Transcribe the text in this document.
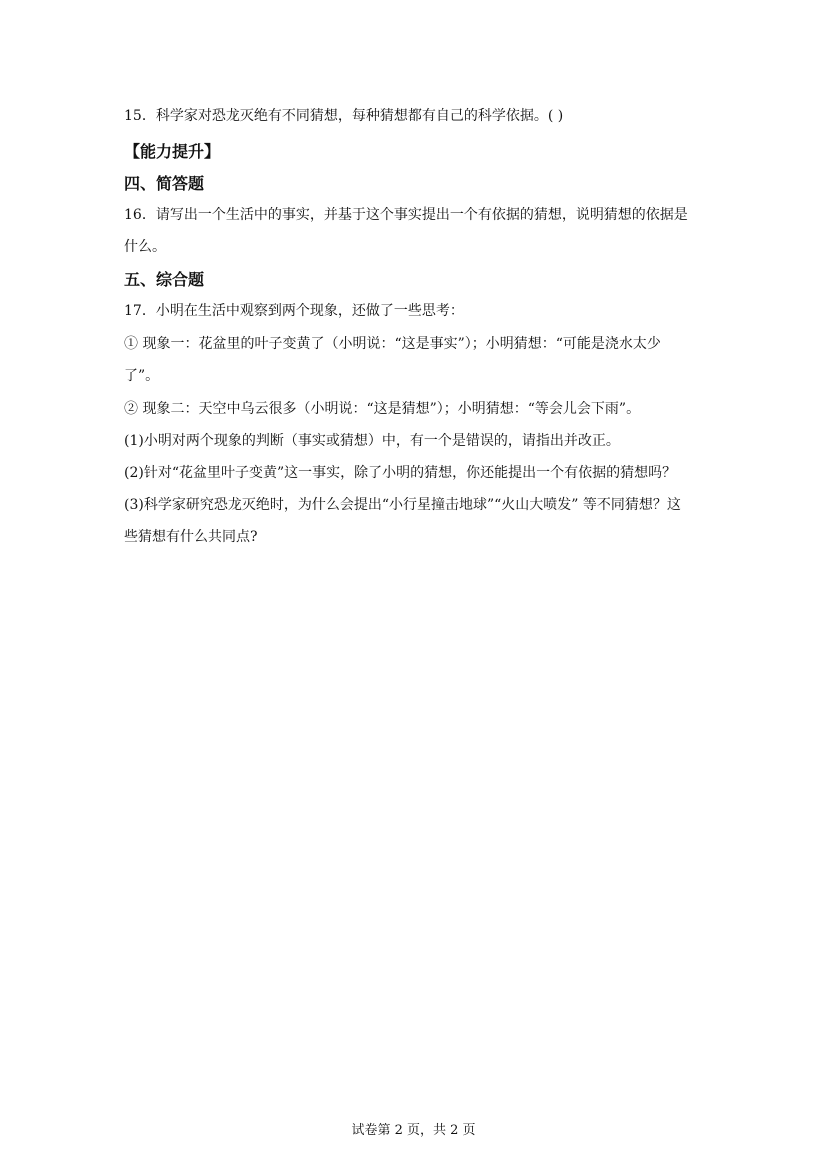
15．科学家对恐龙灭绝有不同猜想，每种猜想都有自己的科学依据。( )
【能力提升】
四、简答题
16．请写出一个生活中的事实，并基于这个事实提出一个有依据的猜想，说明猜想的依据是
什么。
五、综合题
17．小明在生活中观察到两个现象，还做了一些思考：
① 现象一：花盆里的叶子变黄了（小明说：“这是事实”）；小明猜想：“可能是浇水太少
了”。
② 现象二：天空中乌云很多（小明说：“这是猜想”）；小明猜想：“等会儿会下雨”。
(1)小明对两个现象的判断（事实或猜想）中，有一个是错误的，请指出并改正。
(2)针对“花盆里叶子变黄”这一事实，除了小明的猜想，你还能提出一个有依据的猜想吗？
(3)科学家研究恐龙灭绝时，为什么会提出“小行星撞击地球”“火山大喷发” 等不同猜想？这
些猜想有什么共同点?
试卷第 2 页，共 2 页
